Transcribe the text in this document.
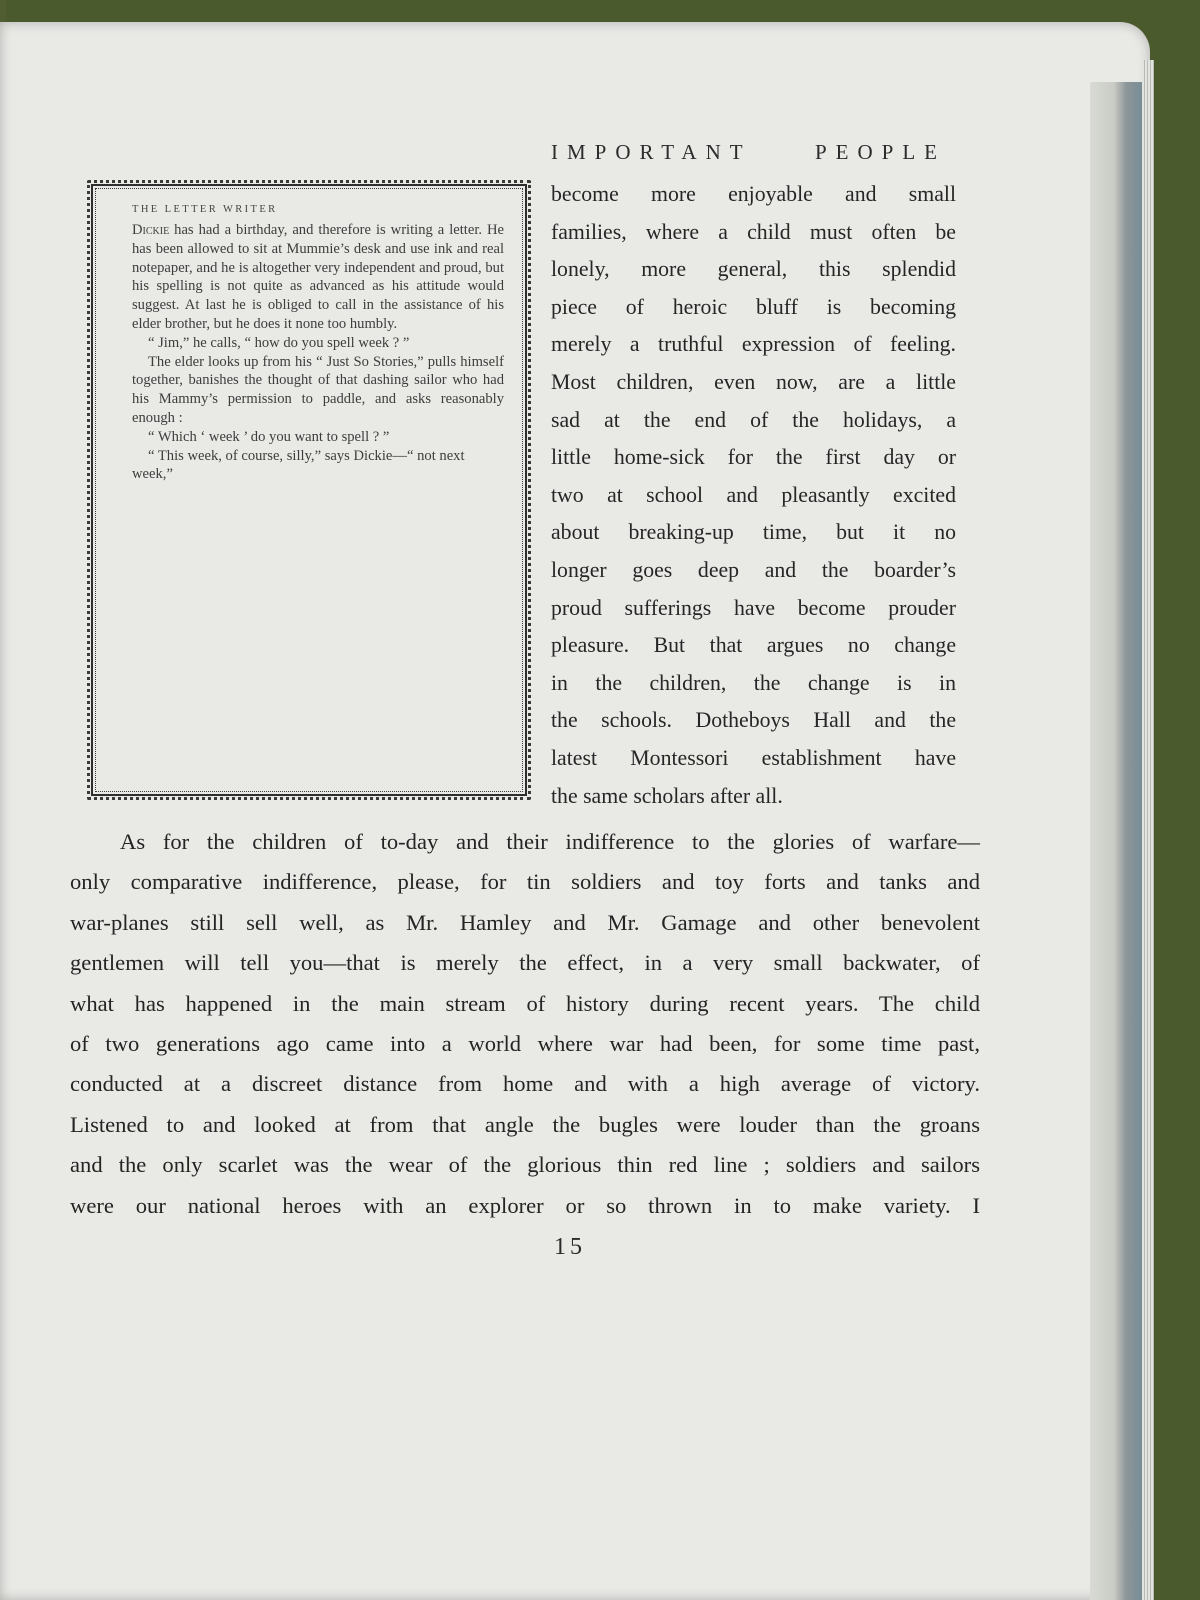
IMPORTANT PEOPLE
THE LETTER WRITER

Dickie has had a birthday, and therefore is writing a letter. He has been allowed to sit at Mummie’s desk and use ink and real notepaper, and he is altogether very independent and proud, but his spelling is not quite as advanced as his attitude would suggest. At last he is obliged to call in the assistance of his elder brother, but he does it none too humbly.

“ Jim,” he calls, “ how do you spell week ? ”

The elder looks up from his “ Just So Stories,” pulls himself together, banishes the thought of that dashing sailor who had his Mammy’s permission to paddle, and asks reasonably enough :

“ Which ‘ week ’ do you want to spell ? ”

“ This week, of course, silly,” says Dickie—“ not next week,”

become more enjoyable and small
families, where a child must often be
lonely, more general, this splendid
piece of heroic bluff is becoming
merely a truthful expression of feeling.
Most children, even now, are a little
sad at the end of the holidays, a
little home-sick for the first day or
two at school and pleasantly excited
about breaking-up time, but it no
longer goes deep and the boarder’s
proud sufferings have become prouder
pleasure. But that argues no change
in the children, the change is in
the schools. Dotheboys Hall and the
latest Montessori establishment have
the same scholars after all.
As for the children of to-day and their indifference to the glories of warfare—
only comparative indifference, please, for tin soldiers and toy forts and tanks and
war-planes still sell well, as Mr. Hamley and Mr. Gamage and other benevolent
gentlemen will tell you—that is merely the effect, in a very small backwater, of
what has happened in the main stream of history during recent years. The child
of two generations ago came into a world where war had been, for some time past,
conducted at a discreet distance from home and with a high average of victory.
Listened to and looked at from that angle the bugles were louder than the groans
and the only scarlet was the wear of the glorious thin red line ; soldiers and sailors
were our national heroes with an explorer or so thrown in to make variety. I
15
